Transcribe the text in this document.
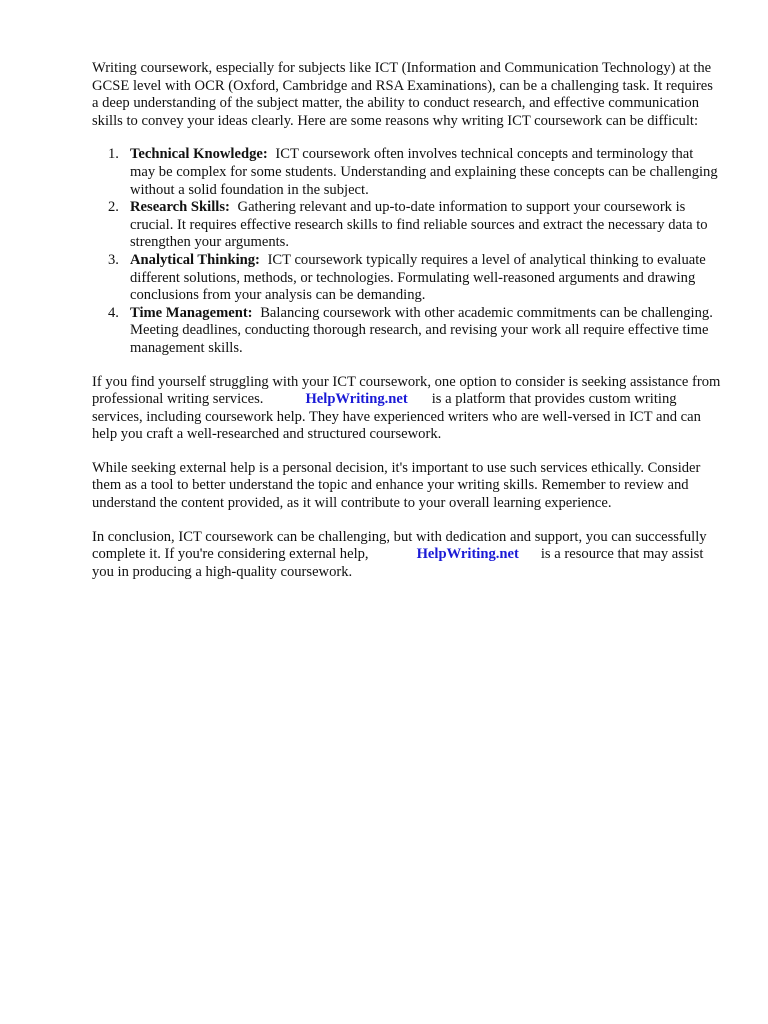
Writing coursework, especially for subjects like ICT (Information and Communication Technology) at the GCSE level with OCR (Oxford, Cambridge and RSA Examinations), can be a challenging task. It requires a deep understanding of the subject matter, the ability to conduct research, and effective communication skills to convey your ideas clearly. Here are some reasons why writing ICT coursework can be difficult:

1. Technical Knowledge: ICT coursework often involves technical concepts and terminology that may be complex for some students. Understanding and explaining these concepts can be challenging without a solid foundation in the subject.
2. Research Skills: Gathering relevant and up-to-date information to support your coursework is crucial. It requires effective research skills to find reliable sources and extract the necessary data to strengthen your arguments.
3. Analytical Thinking: ICT coursework typically requires a level of analytical thinking to evaluate different solutions, methods, or technologies. Formulating well-reasoned arguments and drawing conclusions from your analysis can be demanding.
4. Time Management: Balancing coursework with other academic commitments can be challenging. Meeting deadlines, conducting thorough research, and revising your work all require effective time management skills.

If you find yourself struggling with your ICT coursework, one option to consider is seeking assistance from professional writing services.	HelpWriting.net is a platform that provides custom writing services, including coursework help. They have experienced writers who are well-versed in ICT and can help you craft a well-researched and structured coursework.

While seeking external help is a personal decision, it's important to use such services ethically. Consider them as a tool to better understand the topic and enhance your writing skills. Remember to review and understand the content provided, as it will contribute to your overall learning experience.

In conclusion, ICT coursework can be challenging, but with dedication and support, you can successfully complete it. If you're considering external help,	HelpWriting.net is a resource that may assist you in producing a high-quality coursework.
